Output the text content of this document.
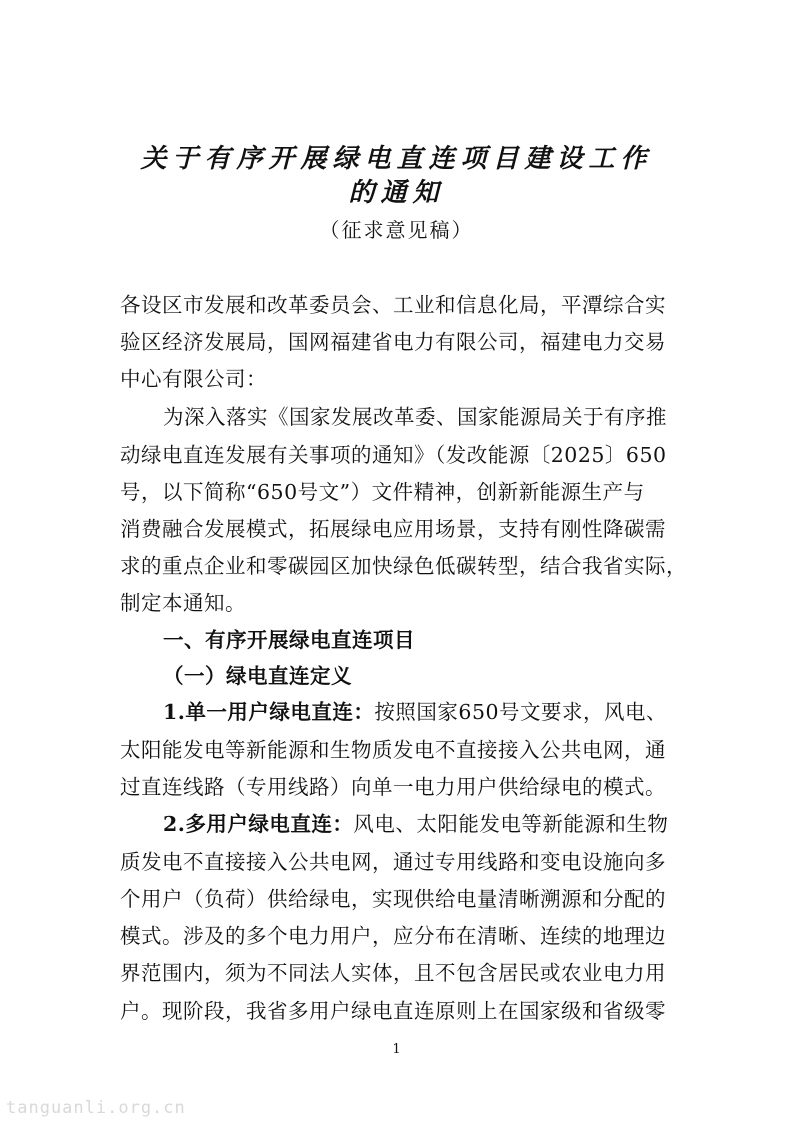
关于有序开展绿电直连项目建设工作
的通知
（征求意见稿）
各设区市发展和改革委员会、工业和信息化局，平潭综合实
验区经济发展局，国网福建省电力有限公司，福建电力交易
中心有限公司：
为深入落实《国家发展改革委、国家能源局关于有序推
动绿电直连发展有关事项的通知》（发改能源〔2025〕650
号，以下简称“650号文”）文件精神，创新新能源生产与
消费融合发展模式，拓展绿电应用场景，支持有刚性降碳需
求的重点企业和零碳园区加快绿色低碳转型，结合我省实际，
制定本通知。
一、有序开展绿电直连项目
（一）绿电直连定义
1.单一用户绿电直连：按照国家650号文要求，风电、
太阳能发电等新能源和生物质发电不直接接入公共电网，通
过直连线路（专用线路）向单一电力用户供给绿电的模式。
2.多用户绿电直连：风电、太阳能发电等新能源和生物
质发电不直接接入公共电网，通过专用线路和变电设施向多
个用户（负荷）供给绿电，实现供给电量清晰溯源和分配的
模式。涉及的多个电力用户，应分布在清晰、连续的地理边
界范围内，须为不同法人实体，且不包含居民或农业电力用
户。现阶段，我省多用户绿电直连原则上在国家级和省级零
1
tanguanli.org.cn
